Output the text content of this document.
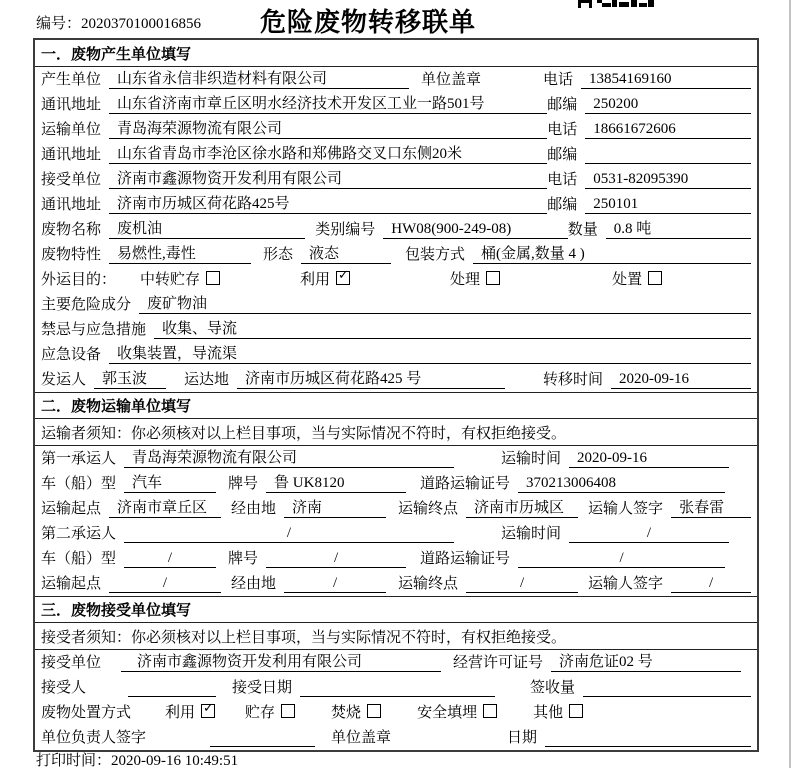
编号：2020370100016856	危险废物转移联单
一．废物产生单位填写
产生单位	山东省永信非织造材料有限公司	单位盖章	电话	13854169160
通讯地址	山东省济南市章丘区明水经济技术开发区工业一路501号	邮编	250200
运输单位	青岛海荣源物流有限公司	电话	18661672606
通讯地址	山东省青岛市李沧区徐水路和郑佛路交叉口东侧20米	邮编
接受单位	济南市鑫源物资开发利用有限公司	电话	0531-82095390
通讯地址	济南市历城区荷花路425号	邮编	250101
废物名称	废机油	类别编号	HW08(900-249-08)	数量	0.8 吨
废物特性	易燃性,毒性	形态	液态	包装方式	桶(金属,数量 4 )
外运目的： 中转贮存	利用 ✓	处理	处置
主要危险成分	废矿物油
禁忌与应急措施	收集、导流
应急设备	收集装置，导流渠
发运人	郭玉波	运达地	济南市历城区荷花路425 号	转移时间	2020-09-16
二．废物运输单位填写
运输者须知：你必须核对以上栏目事项，当与实际情况不符时，有权拒绝接受。
第一承运人	青岛海荣源物流有限公司	运输时间	2020-09-16
车（船）型	汽车	牌号	鲁 UK8120	道路运输证号	370213006408
运输起点	济南市章丘区	经由地	济南	运输终点	济南市历城区	运输人签字	张春雷
第二承运人	/	运输时间	/
车（船）型	/	牌号	/	道路运输证号	/
运输起点	/	经由地	/	运输终点	/	运输人签字	/
三．废物接受单位填写
接受者须知：你必须核对以上栏目事项，当与实际情况不符时，有权拒绝接受。
接受单位	济南市鑫源物资开发利用有限公司	经营许可证号	济南危证02 号
接受人	接受日期	签收量
废物处置方式 利用 ✓	贮存	焚烧	安全填埋	其他
单位负责人签字	单位盖章	日期
打印时间：2020-09-16 10:49:51
